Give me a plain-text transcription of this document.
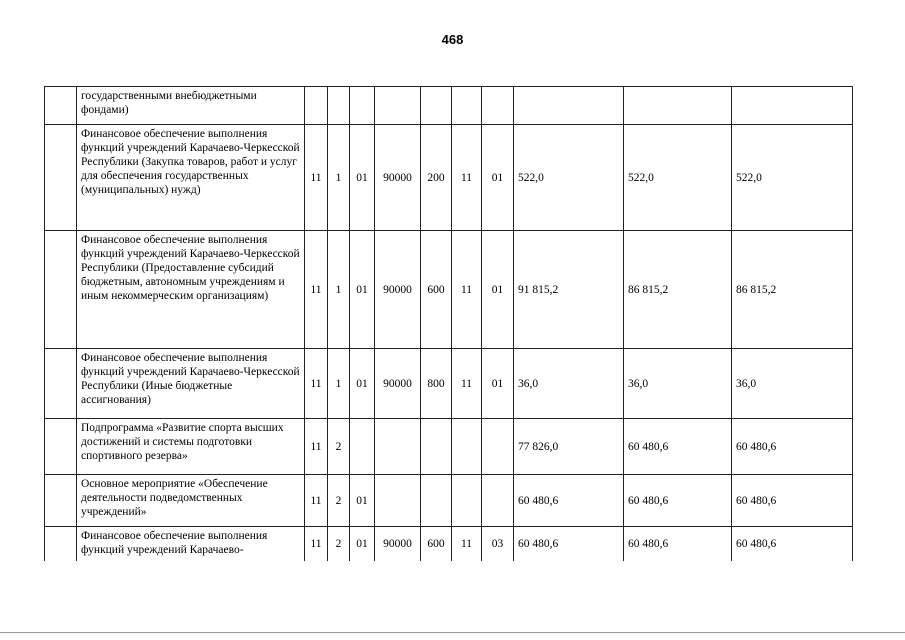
468
	государственными внебюджетными фондами)										
	Финансовое обеспечение выполнения функций учреждений Карачаево-Черкесской Республики (Закупка товаров, работ и услуг для обеспечения государственных (муниципальных) нужд)	11	1	01	90000	200	11	01	522,0	522,0	522,0
	Финансовое обеспечение выполнения функций учреждений Карачаево-Черкесской Республики (Предоставление субсидий бюджетным, автономным учреждениям и иным некоммерческим организациям)	11	1	01	90000	600	11	01	91 815,2	86 815,2	86 815,2
	Финансовое обеспечение выполнения функций учреждений Карачаево-Черкесской Республики (Иные бюджетные ассигнования)	11	1	01	90000	800	11	01	36,0	36,0	36,0
	Подпрограмма «Развитие спорта высших достижений и системы подготовки спортивного резерва»	11	2						77 826,0	60 480,6	60 480,6
	Основное мероприятие «Обеспечение деятельности подведомственных учреждений»	11	2	01					60 480,6	60 480,6	60 480,6
	Финансовое обеспечение выполнения функций учреждений Карачаево-	11	2	01	90000	600	11	03	60 480,6	60 480,6	60 480,6
